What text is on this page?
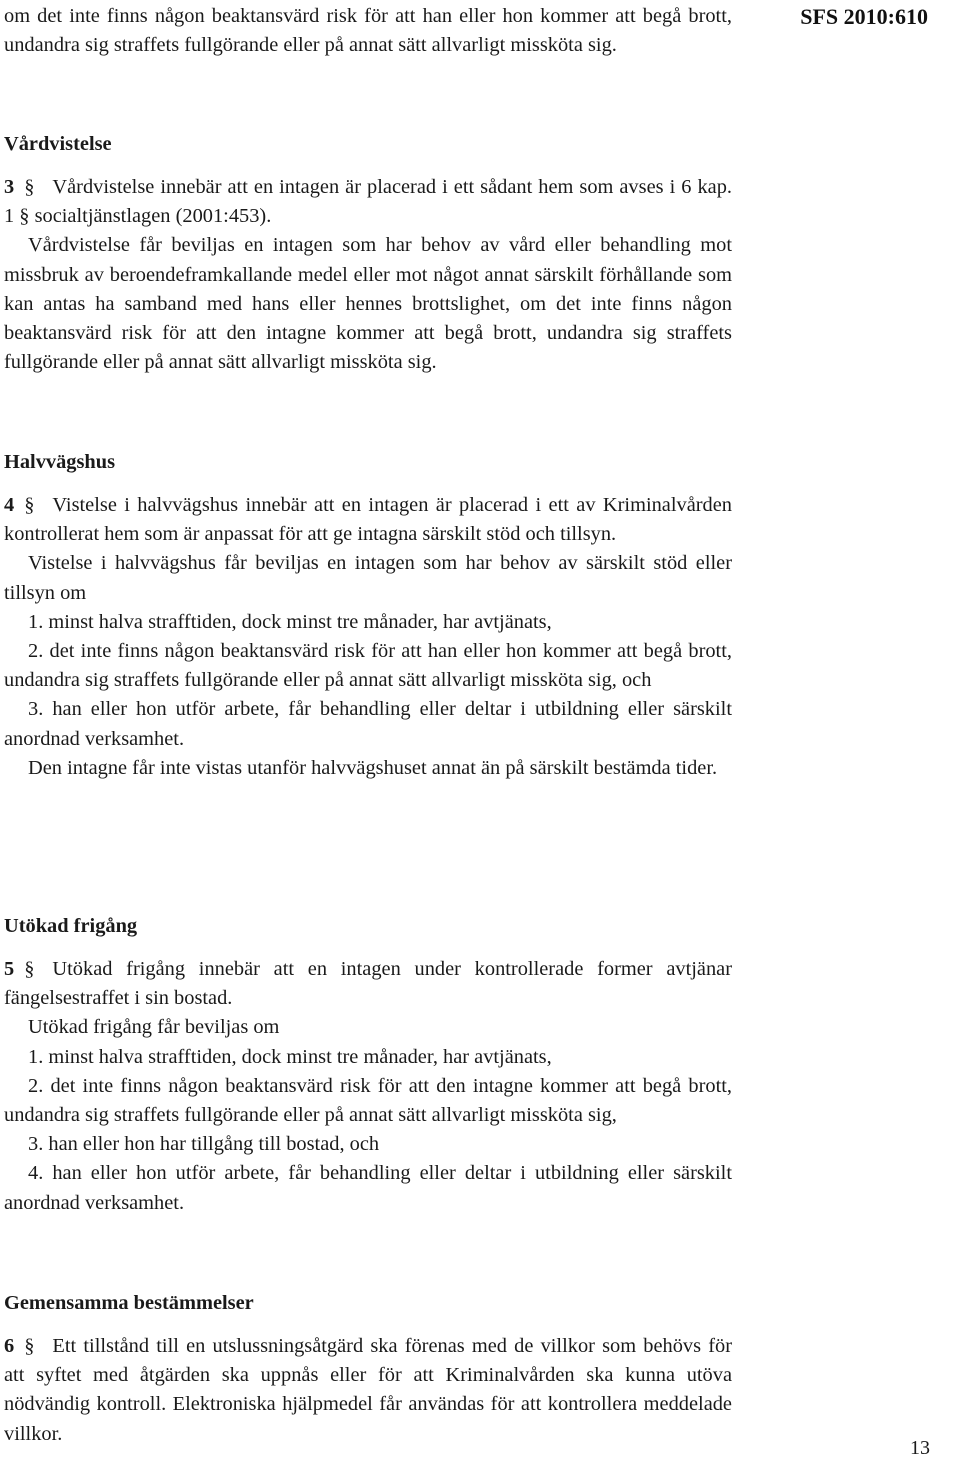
SFS 2010:610

om det inte finns någon beaktansvärd risk för att han eller hon kommer att begå brott, undandra sig straffets fullgörande eller på annat sätt allvarligt missköta sig.

Vårdvistelse

3 § Vårdvistelse innebär att en intagen är placerad i ett sådant hem som avses i 6 kap. 1 § socialtjänstlagen (2001:453).

Vårdvistelse får beviljas en intagen som har behov av vård eller behandling mot missbruk av beroendeframkallande medel eller mot något annat särskilt förhållande som kan antas ha samband med hans eller hennes brottslighet, om det inte finns någon beaktansvärd risk för att den intagne kommer att begå brott, undandra sig straffets fullgörande eller på annat sätt allvarligt missköta sig.

Halvvägshus

4 § Vistelse i halvvägshus innebär att en intagen är placerad i ett av Kriminalvården kontrollerat hem som är anpassat för att ge intagna särskilt stöd och tillsyn.

Vistelse i halvvägshus får beviljas en intagen som har behov av särskilt stöd eller tillsyn om

1. minst halva strafftiden, dock minst tre månader, har avtjänats,

2. det inte finns någon beaktansvärd risk för att han eller hon kommer att begå brott, undandra sig straffets fullgörande eller på annat sätt allvarligt missköta sig, och

3. han eller hon utför arbete, får behandling eller deltar i utbildning eller särskilt anordnad verksamhet.

Den intagne får inte vistas utanför halvvägshuset annat än på särskilt bestämda tider.

Utökad frigång

5 § Utökad frigång innebär att en intagen under kontrollerade former avtjänar fängelsestraffet i sin bostad.

Utökad frigång får beviljas om

1. minst halva strafftiden, dock minst tre månader, har avtjänats,

2. det inte finns någon beaktansvärd risk för att den intagne kommer att begå brott, undandra sig straffets fullgörande eller på annat sätt allvarligt missköta sig,

3. han eller hon har tillgång till bostad, och

4. han eller hon utför arbete, får behandling eller deltar i utbildning eller särskilt anordnad verksamhet.

Gemensamma bestämmelser

6 § Ett tillstånd till en utslussningsåtgärd ska förenas med de villkor som behövs för att syftet med åtgärden ska uppnås eller för att Kriminalvården ska kunna utöva nödvändig kontroll. Elektroniska hjälpmedel får användas för att kontrollera meddelade villkor.

13
